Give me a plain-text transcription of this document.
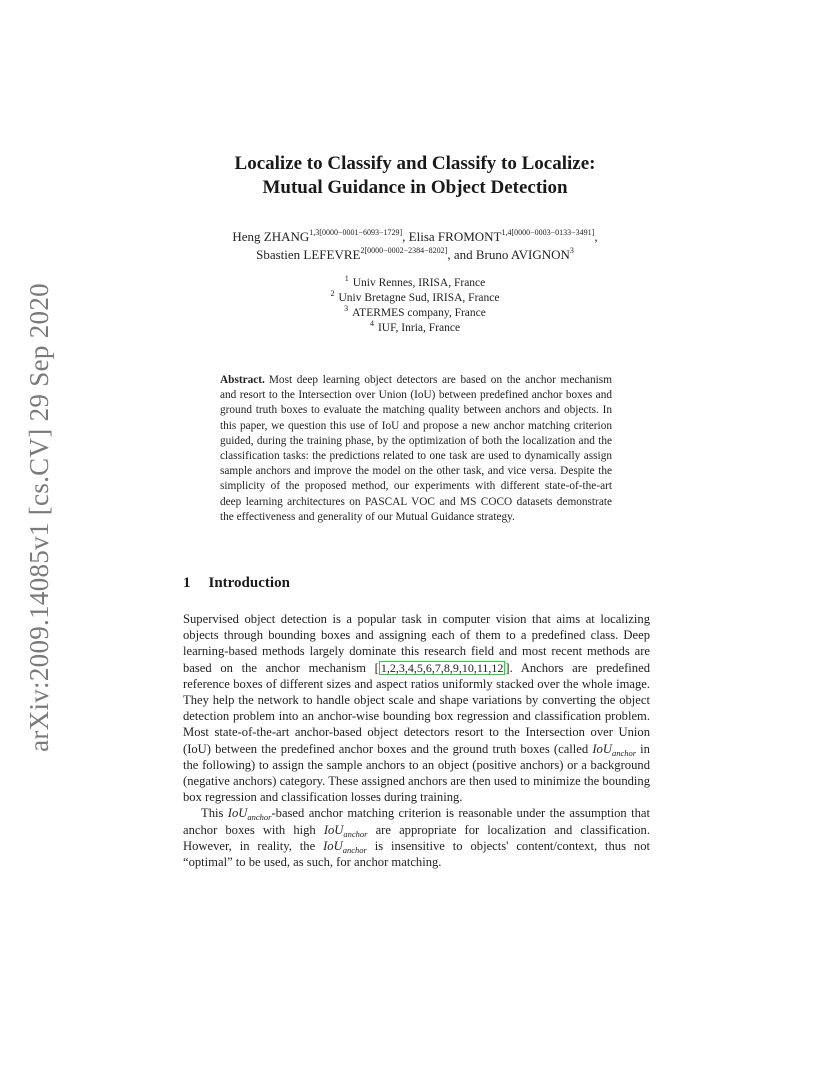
arXiv:2009.14085v1 [cs.CV] 29 Sep 2020
Localize to Classify and Classify to Localize:
Mutual Guidance in Object Detection
Heng $ZHANG^{1,3[0000-0001-6093-1729]}$, Elisa $FROMONT^{1,4[0000-0003-0133-3491]}$,
Sbastien $LEFEVRE^{2[0000-0002-2384-8202]}$, and Bruno AVIGNON$^3$
$^1$ Univ Rennes, IRISA, France
$^2$ Univ Bretagne Sud, IRISA, France
$^3$ ATERMES company, France
$^4$ IUF, Inria, France

Abstract. Most deep learning object detectors are based on the anchor mechanism and resort to the Intersection over Union (IoU) between predefined anchor boxes and ground truth boxes to evaluate the matching quality between anchors and objects. In this paper, we question this use of IoU and propose a new anchor matching criterion guided, during the training phase, by the optimization of both the localization and the classification tasks: the predictions related to one task are used to dynamically assign sample anchors and improve the model on the other task, and vice versa. Despite the simplicity of the proposed method, our experiments with different state-of-the-art deep learning architectures on PASCAL VOC and MS COCO datasets demonstrate the effectiveness and generality of our Mutual Guidance strategy.

1 Introduction

Supervised object detection is a popular task in computer vision that aims at localizing objects through bounding boxes and assigning each of them to a predefined class. Deep learning-based methods largely dominate this research field and most recent methods are based on the anchor mechanism [ 1,2,3,4,5,6,7,8,9,10,11,12 ]. Anchors are predefined reference boxes of different sizes and aspect ratios uniformly stacked over the whole image. They help the network to handle object scale and shape variations by converting the object detection problem into an anchor-wise bounding box regression and classification problem. Most state-of-the-art anchor-based object detectors resort to the Intersection over Union (IoU) between the predefined anchor boxes and the ground truth boxes (called IoU$_{anchor}$ in the following) to assign the sample anchors to an object (positive anchors) or a background (negative anchors) category. These assigned anchors are then used to minimize the bounding box regression and classification losses during training.

This IoU$_{anchor}$-based anchor matching criterion is reasonable under the assumption that anchor boxes with high IoU$_{anchor}$ are appropriate for localization and classification. However, in reality, the IoU$_{anchor}$ is insensitive to objects' content/context, thus not “optimal” to be used, as such, for anchor matching.
